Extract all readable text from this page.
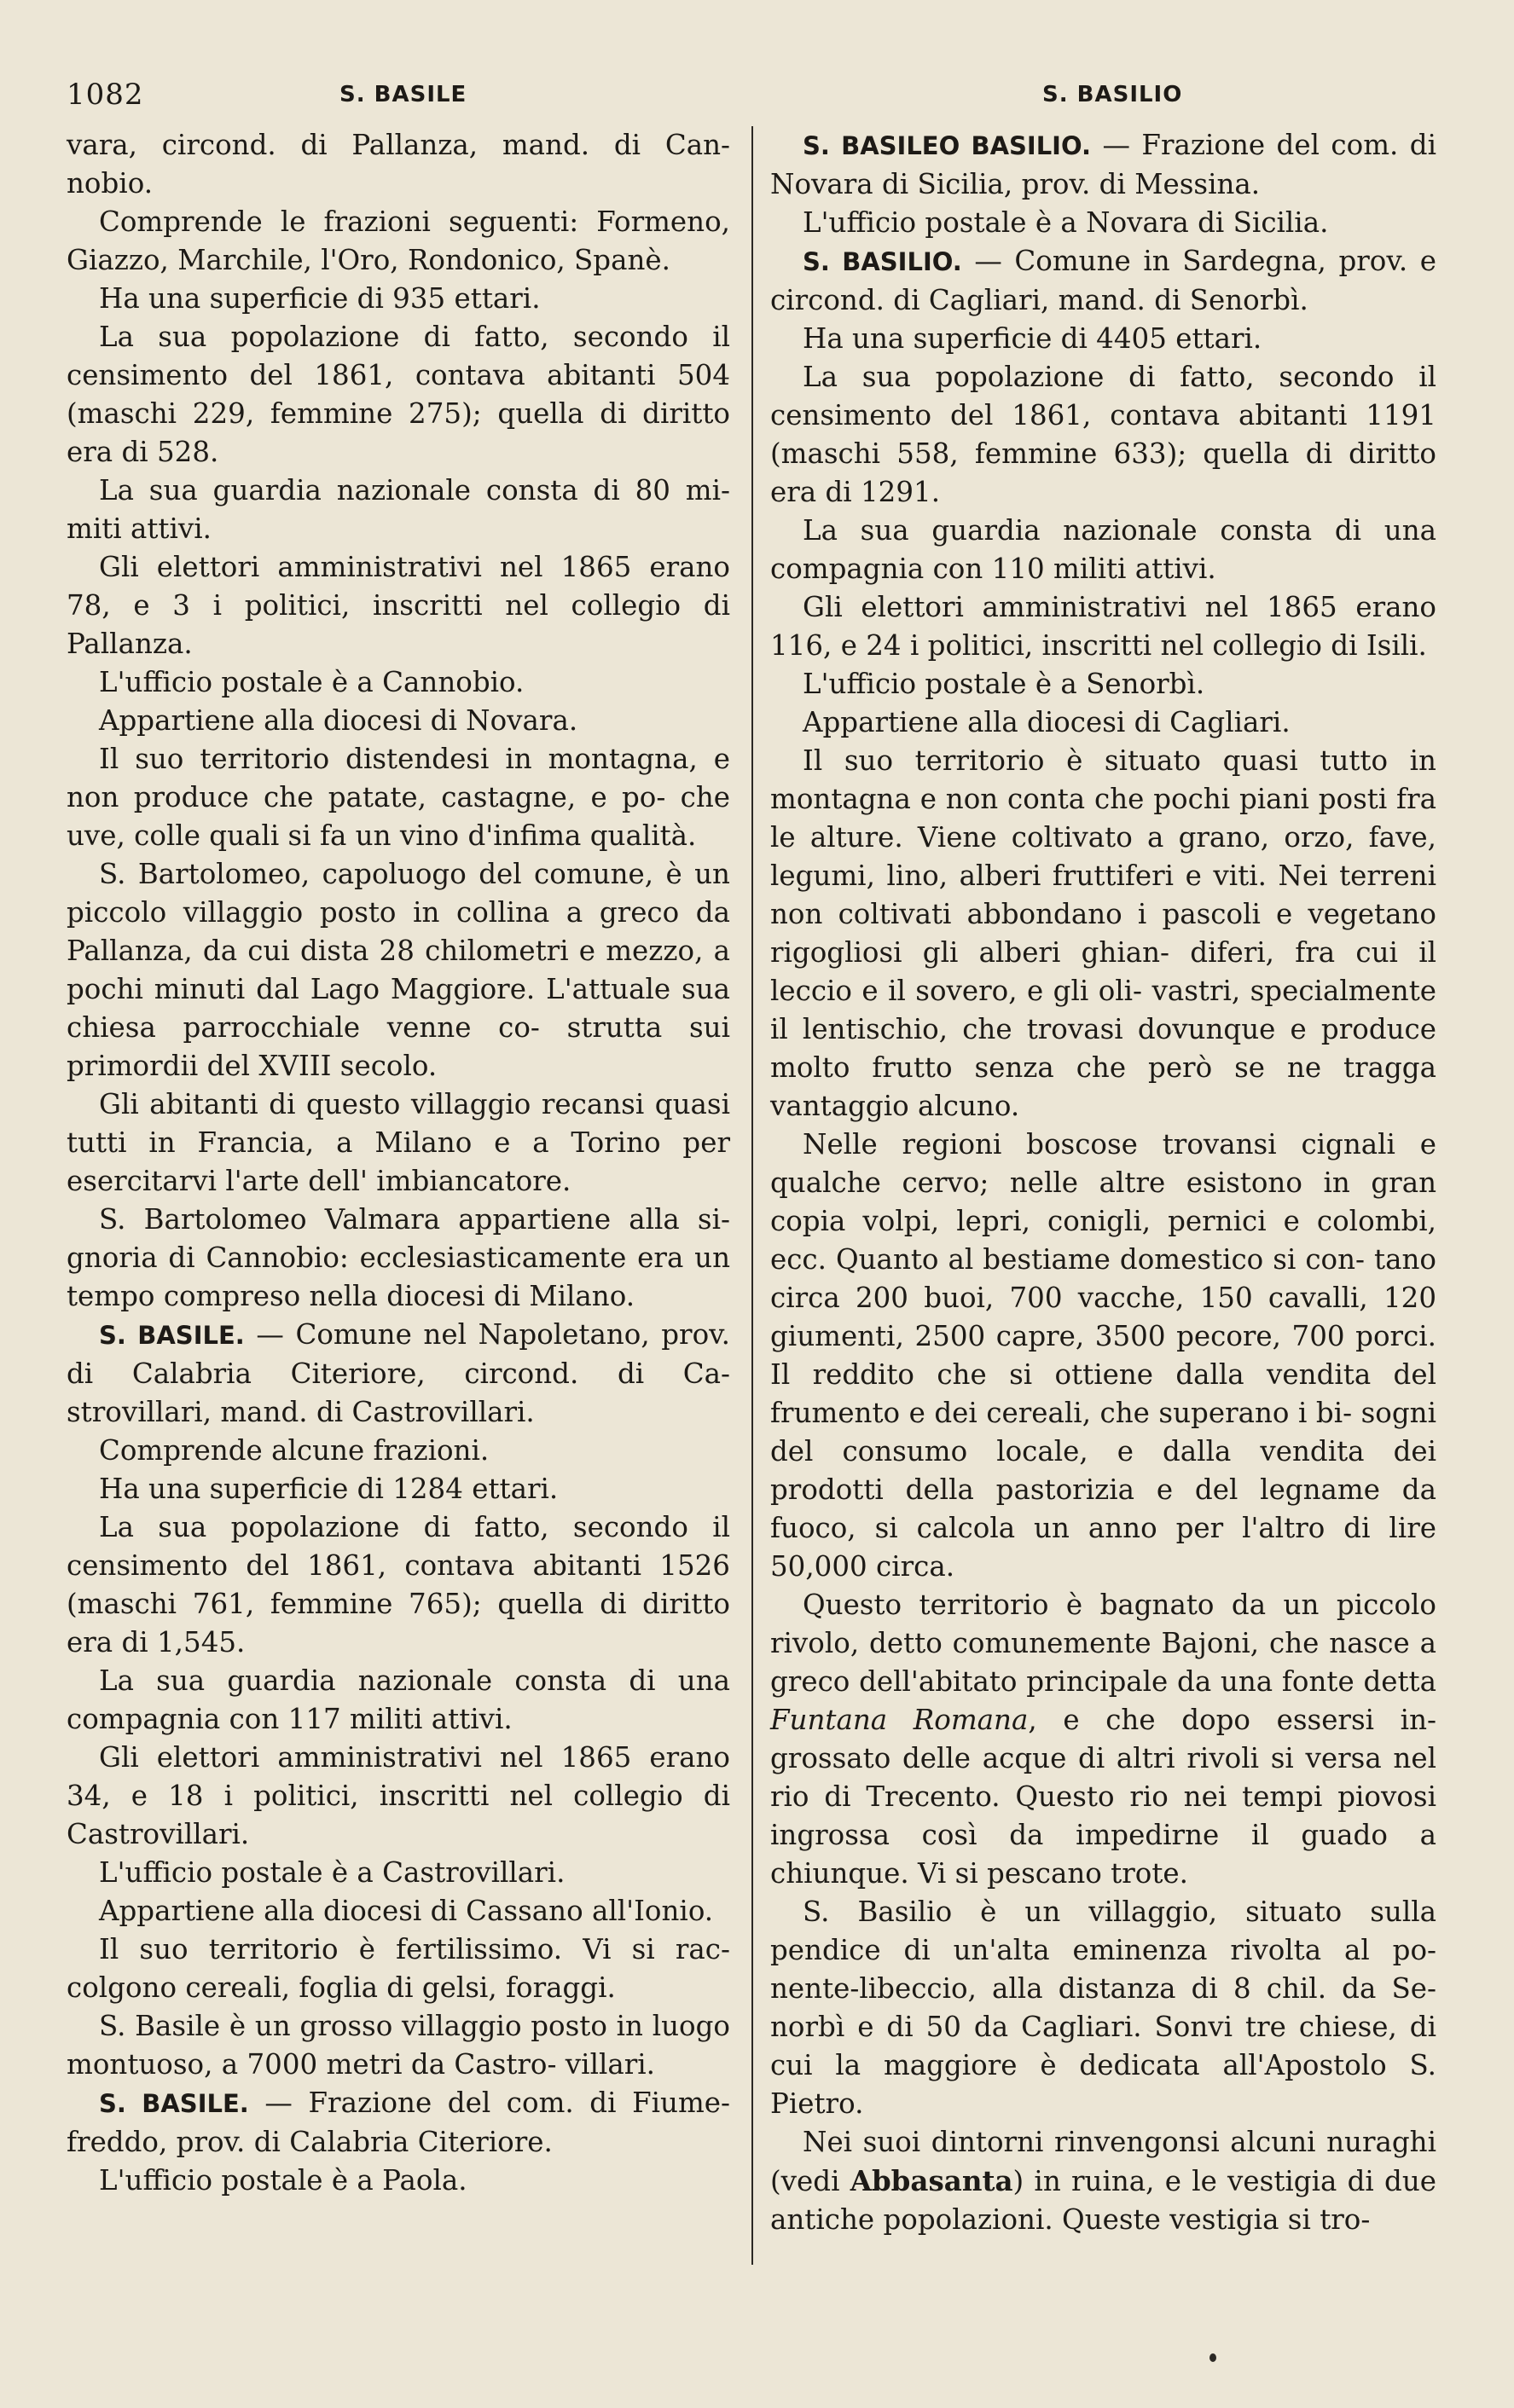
1082	S. BASILE	S. BASILIO

vara, circond. di Pallanza, mand. di Can- nobio.

Comprende le frazioni seguenti: Formeno, Giazzo, Marchile, l'Oro, Rondonico, Spanè.

Ha una superficie di 935 ettari.

La sua popolazione di fatto, secondo il censimento del 1861, contava abitanti 504 (maschi 229, femmine 275); quella di diritto era di 528.

La sua guardia nazionale consta di 80 mi- miti attivi.

Gli elettori amministrativi nel 1865 erano 78, e 3 i politici, inscritti nel collegio di Pallanza.

L'ufficio postale è a Cannobio.

Appartiene alla diocesi di Novara.

Il suo territorio distendesi in montagna, e non produce che patate, castagne, e po- che uve, colle quali si fa un vino d'infima qualità.

S. Bartolomeo, capoluogo del comune, è un piccolo villaggio posto in collina a greco da Pallanza, da cui dista 28 chilometri e mezzo, a pochi minuti dal Lago Maggiore. L'attuale sua chiesa parrocchiale venne co- strutta sui primordii del XVIII secolo.

Gli abitanti di questo villaggio recansi quasi tutti in Francia, a Milano e a Torino per esercitarvi l'arte dell' imbiancatore.

S. Bartolomeo Valmara appartiene alla si- gnoria di Cannobio: ecclesiasticamente era un tempo compreso nella diocesi di Milano.

S. BASILE. — Comune nel Napoletano, prov. di Calabria Citeriore, circond. di Ca- strovillari, mand. di Castrovillari.

Comprende alcune frazioni.

Ha una superficie di 1284 ettari.

La sua popolazione di fatto, secondo il censimento del 1861, contava abitanti 1526 (maschi 761, femmine 765); quella di diritto era di 1,545.

La sua guardia nazionale consta di una compagnia con 117 militi attivi.

Gli elettori amministrativi nel 1865 erano 34, e 18 i politici, inscritti nel collegio di Castrovillari.

L'ufficio postale è a Castrovillari.

Appartiene alla diocesi di Cassano all'Ionio.

Il suo territorio è fertilissimo. Vi si rac- colgono cereali, foglia di gelsi, foraggi.

S. Basile è un grosso villaggio posto in luogo montuoso, a 7000 metri da Castro- villari.

S. BASILE. — Frazione del com. di Fiume- freddo, prov. di Calabria Citeriore.

L'ufficio postale è a Paola.

S. BASILEO BASILIO. — Frazione del com. di Novara di Sicilia, prov. di Messina.

L'ufficio postale è a Novara di Sicilia.

S. BASILIO. — Comune in Sardegna, prov. e circond. di Cagliari, mand. di Senorbì.

Ha una superficie di 4405 ettari.

La sua popolazione di fatto, secondo il censimento del 1861, contava abitanti 1191 (maschi 558, femmine 633); quella di diritto era di 1291.

La sua guardia nazionale consta di una compagnia con 110 militi attivi.

Gli elettori amministrativi nel 1865 erano 116, e 24 i politici, inscritti nel collegio di Isili.

L'ufficio postale è a Senorbì.

Appartiene alla diocesi di Cagliari.

Il suo territorio è situato quasi tutto in montagna e non conta che pochi piani posti fra le alture. Viene coltivato a grano, orzo, fave, legumi, lino, alberi fruttiferi e viti. Nei terreni non coltivati abbondano i pascoli e vegetano rigogliosi gli alberi ghian- diferi, fra cui il leccio e il sovero, e gli oli- vastri, specialmente il lentischio, che trovasi dovunque e produce molto frutto senza che però se ne tragga vantaggio alcuno.

Nelle regioni boscose trovansi cignali e qualche cervo; nelle altre esistono in gran copia volpi, lepri, conigli, pernici e colombi, ecc. Quanto al bestiame domestico si con- tano circa 200 buoi, 700 vacche, 150 cavalli, 120 giumenti, 2500 capre, 3500 pecore, 700 porci. Il reddito che si ottiene dalla vendita del frumento e dei cereali, che superano i bi- sogni del consumo locale, e dalla vendita dei prodotti della pastorizia e del legname da fuoco, si calcola un anno per l'altro di lire 50,000 circa.

Questo territorio è bagnato da un piccolo rivolo, detto comunemente Bajoni, che nasce a greco dell'abitato principale da una fonte detta Funtana Romana, e che dopo essersi in- grossato delle acque di altri rivoli si versa nel rio di Trecento. Questo rio nei tempi piovosi ingrossa così da impedirne il guado a chiunque. Vi si pescano trote.

S. Basilio è un villaggio, situato sulla pendice di un'alta eminenza rivolta al po- nente-libeccio, alla distanza di 8 chil. da Se- norbì e di 50 da Cagliari. Sonvi tre chiese, di cui la maggiore è dedicata all'Apostolo S. Pietro.

Nei suoi dintorni rinvengonsi alcuni nuraghi (vedi Abbasanta) in ruina, e le vestigia di due antiche popolazioni. Queste vestigia si tro-
